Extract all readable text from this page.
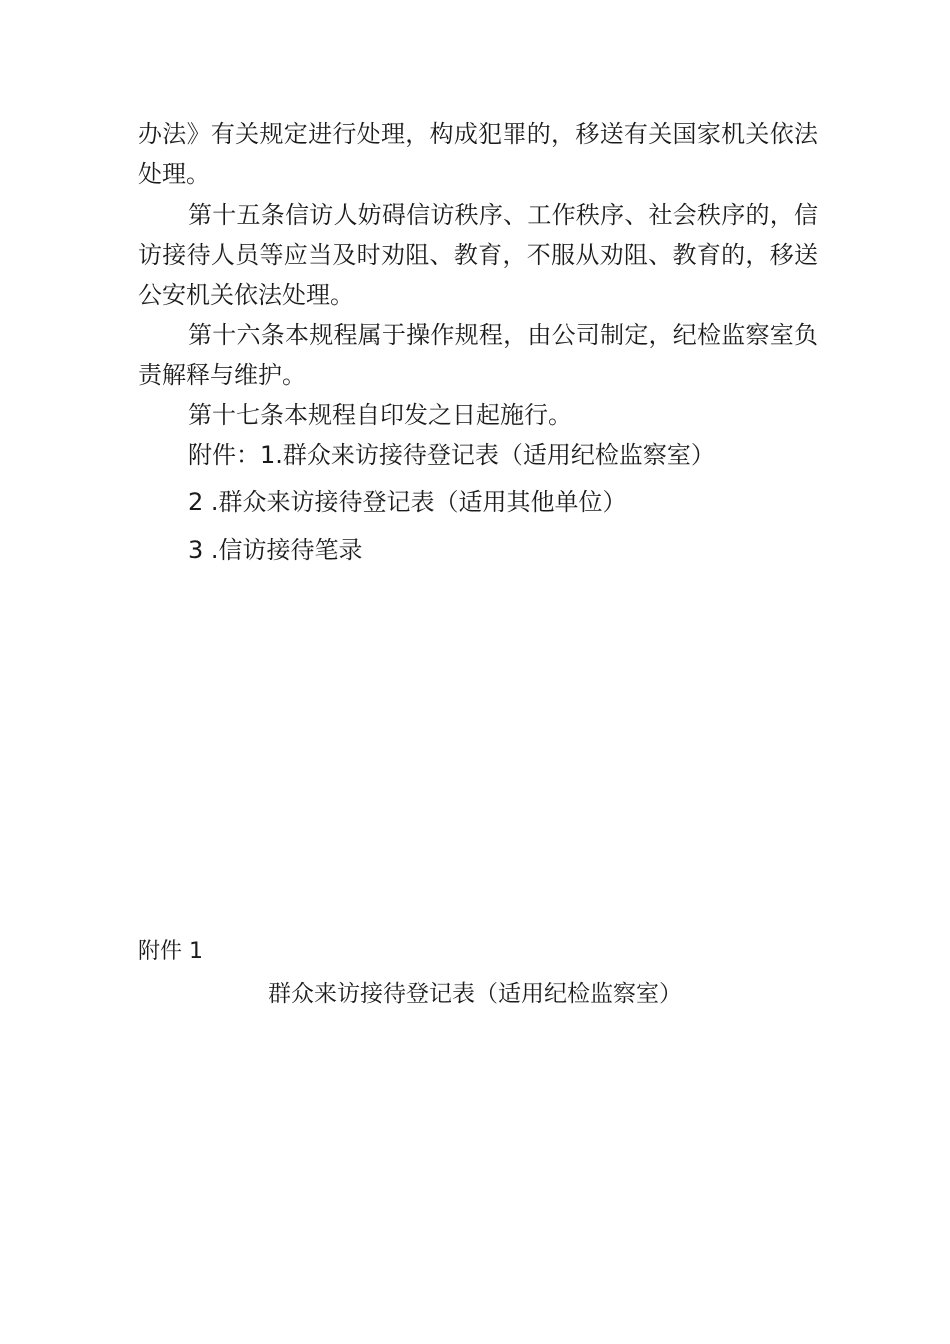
办法》有关规定进行处理，构成犯罪的，移送有关国家机关依法
处理。
第十五条信访人妨碍信访秩序、工作秩序、社会秩序的，信
访接待人员等应当及时劝阻、教育，不服从劝阻、教育的，移送
公安机关依法处理。
第十六条本规程属于操作规程，由公司制定，纪检监察室负
责解释与维护。
第十七条本规程自印发之日起施行。
附件：1.群众来访接待登记表（适用纪检监察室）
2 .群众来访接待登记表（适用其他单位）
3 .信访接待笔录
附件 1
群众来访接待登记表（适用纪检监察室）
